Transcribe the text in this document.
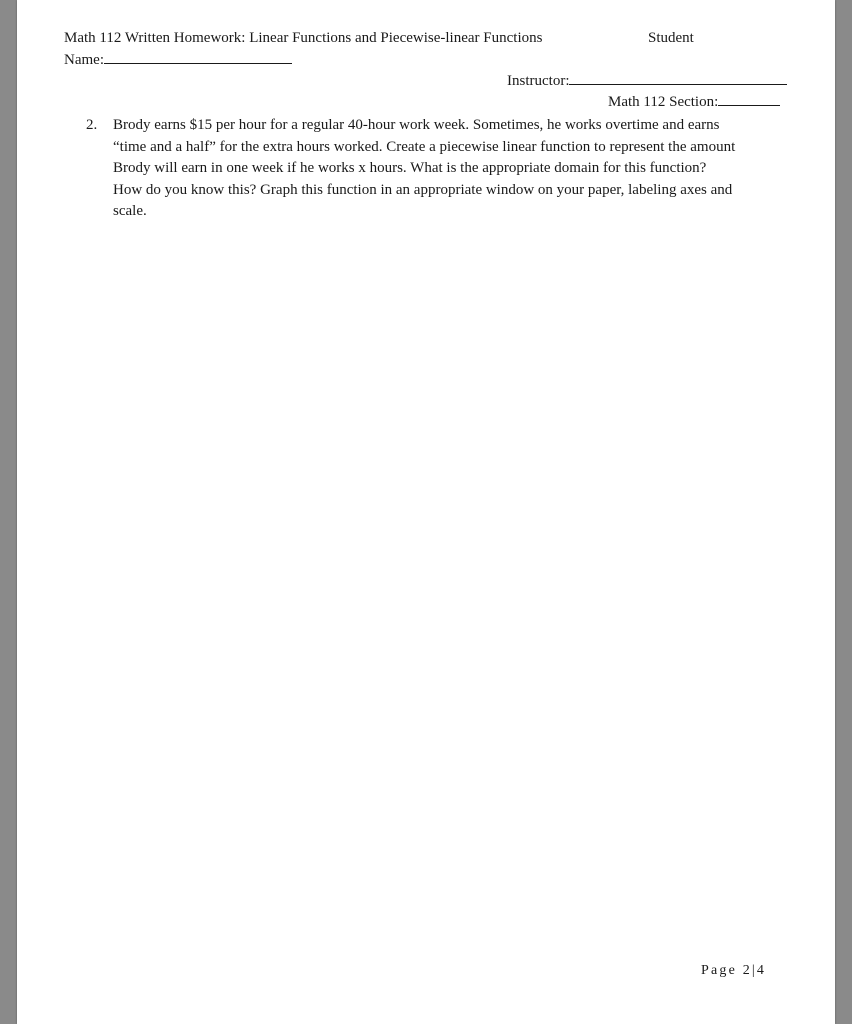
Math 112 Written Homework: Linear Functions and Piecewise-linear Functions	Student
Name:
Instructor:
Math 112 Section:
2. Brody earns $15 per hour for a regular 40-hour work week. Sometimes, he works overtime and earns
“time and a half” for the extra hours worked. Create a piecewise linear function to represent the amount
Brody will earn in one week if he works x hours. What is the appropriate domain for this function?
How do you know this? Graph this function in an appropriate window on your paper, labeling axes and
scale.
Page 2|4
